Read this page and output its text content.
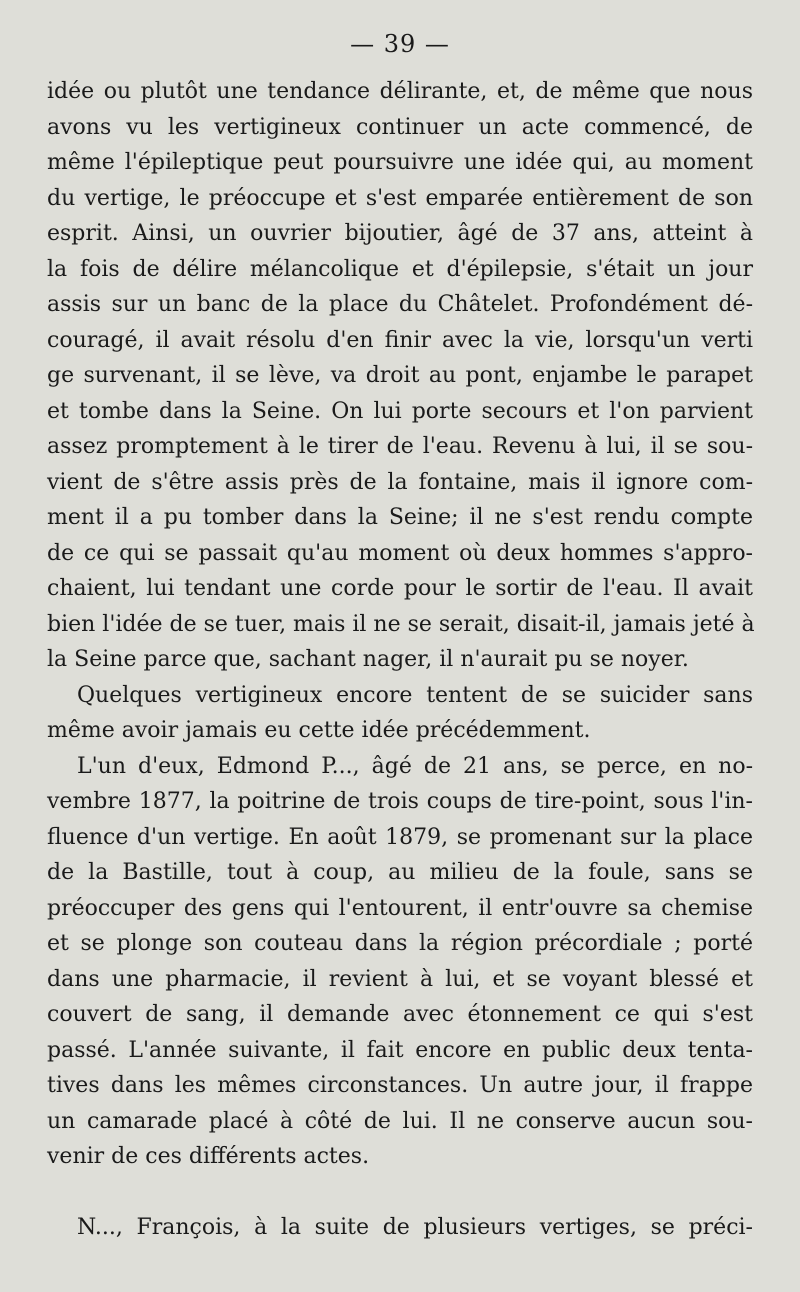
— 39 —
idée ou plutôt une tendance délirante, et, de même que nous
avons vu les vertigineux continuer un acte commencé, de
même l'épileptique peut poursuivre une idée qui, au moment
du vertige, le préoccupe et s'est emparée entièrement de son
esprit. Ainsi, un ouvrier bijoutier, âgé de 37 ans, atteint à
la fois de délire mélancolique et d'épilepsie, s'était un jour
assis sur un banc de la place du Châtelet. Profondément dé-
couragé, il avait résolu d'en finir avec la vie, lorsqu'un verti
ge survenant, il se lève, va droit au pont, enjambe le parapet
et tombe dans la Seine. On lui porte secours et l'on parvient
assez promptement à le tirer de l'eau. Revenu à lui, il se sou-
vient de s'être assis près de la fontaine, mais il ignore com-
ment il a pu tomber dans la Seine; il ne s'est rendu compte
de ce qui se passait qu'au moment où deux hommes s'appro-
chaient, lui tendant une corde pour le sortir de l'eau. Il avait
bien l'idée de se tuer, mais il ne se serait, disait-il, jamais jeté à
la Seine parce que, sachant nager, il n'aurait pu se noyer.
Quelques vertigineux encore tentent de se suicider sans
même avoir jamais eu cette idée précédemment.
L'un d'eux, Edmond P..., âgé de 21 ans, se perce, en no-
vembre 1877, la poitrine de trois coups de tire-point, sous l'in-
fluence d'un vertige. En août 1879, se promenant sur la place
de la Bastille, tout à coup, au milieu de la foule, sans se
préoccuper des gens qui l'entourent, il entr'ouvre sa chemise
et se plonge son couteau dans la région précordiale ; porté
dans une pharmacie, il revient à lui, et se voyant blessé et
couvert de sang, il demande avec étonnement ce qui s'est
passé. L'année suivante, il fait encore en public deux tenta-
tives dans les mêmes circonstances. Un autre jour, il frappe
un camarade placé à côté de lui. Il ne conserve aucun sou-
venir de ces différents actes.
N..., François, à la suite de plusieurs vertiges, se préci-
